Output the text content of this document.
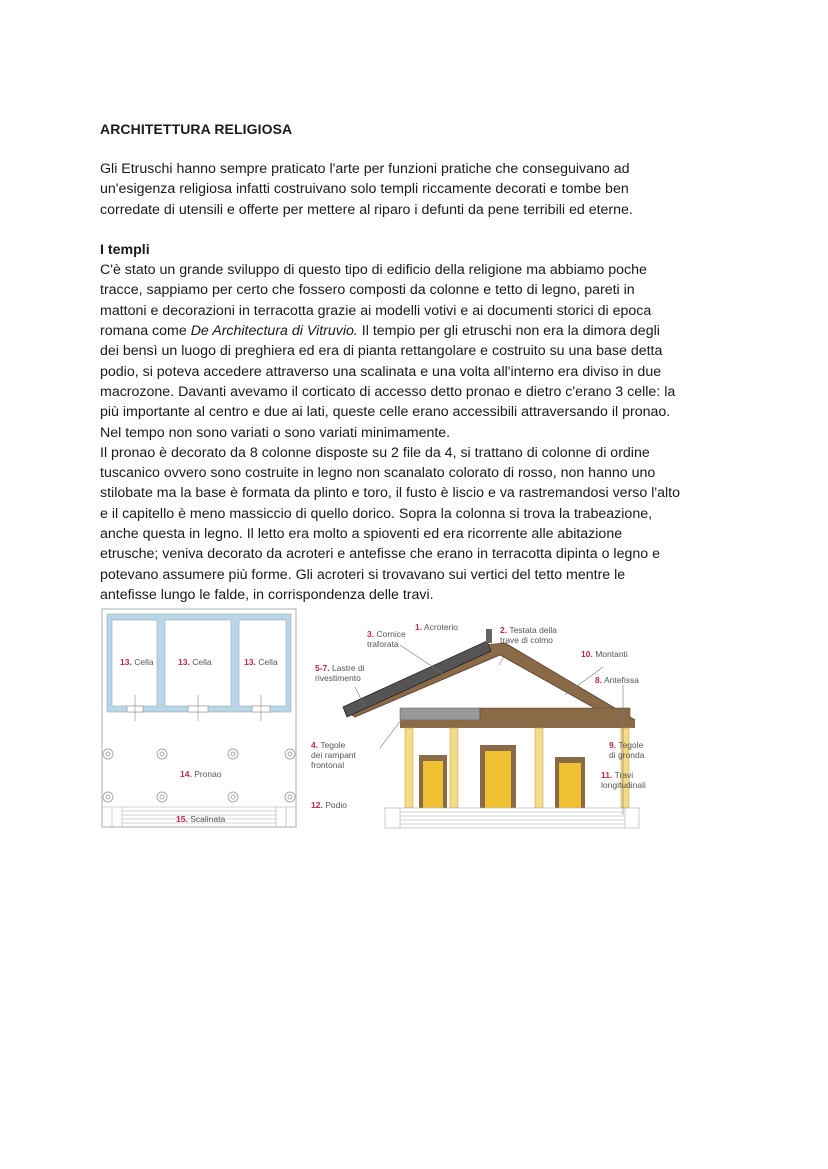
ARCHITETTURA RELIGIOSA

Gli Etruschi hanno sempre praticato l'arte per funzioni pratiche che conseguivano ad

un'esigenza religiosa infatti costruivano solo templi riccamente decorati e tombe ben

corredate di utensili e offerte per mettere al riparo i defunti da pene terribili ed eterne.

I templi

C'è stato un grande sviluppo di questo tipo di edificio della religione ma abbiamo poche

tracce, sappiamo per certo che fossero composti da colonne e tetto di legno, pareti in

mattoni e decorazioni in terracotta grazie ai modelli votivi e ai documenti storici di epoca

romana come De Architectura di Vitruvio. Il tempio per gli etruschi non era la dimora degli

dei bensì un luogo di preghiera ed era di pianta rettangolare e costruito su una base detta

podio, si poteva accedere attraverso una scalinata e una volta all'interno era diviso in due

macrozone. Davanti avevamo il corticato di accesso detto pronao e dietro c'erano 3 celle: la

più importante al centro e due ai lati, queste celle erano accessibili attraversando il pronao.

Nel tempo non sono variati o sono variati minimamente.

Il pronao è decorato da 8 colonne disposte su 2 file da 4, si trattano di colonne di ordine

tuscanico ovvero sono costruite in legno non scanalato colorato di rosso, non hanno uno

stilobate ma la base è formata da plinto e toro, il fusto è liscio e va rastremandosi verso l'alto

e il capitello è meno massiccio di quello dorico. Sopra la colonna si trova la trabeazione,

anche questa in legno. Il letto era molto a spioventi ed era ricorrente alle abitazione

etrusche; veniva decorato da acroteri e antefisse che erano in terracotta dipinta o legno e

potevano assumere più forme. Gli acroteri si trovavano sui vertici del tetto mentre le

antefisse lungo le falde, in corrispondenza delle travi.

13. Cella	13. Cella	13. Cella
14. Pronao
15. Scalinata
1. Acroterio	2. Testata della
trave di colmo
3. Cornice
traforata
5-7. Lastre di
rivestimento
10. Montanti
8. Antefissa
4. Tegole
dei rampant
frontonal
9. Tegole
di gronda
11. Travi
longitudinali
12. Podio
